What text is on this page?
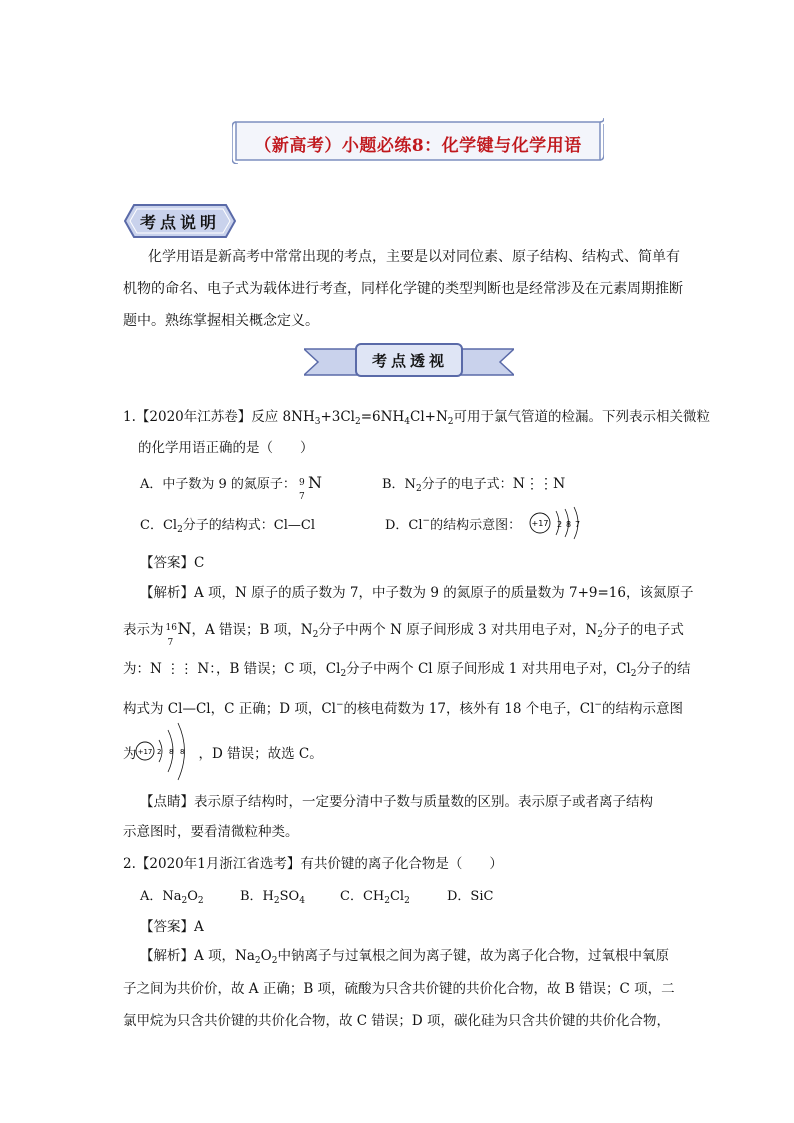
（新高考）小题必练8：化学键与化学用语
考点说明
化学用语是新高考中常常出现的考点，主要是以对同位素、原子结构、结构式、简单有
机物的命名、电子式为载体进行考查，同样化学键的类型判断也是经常涉及在元素周期推断
题中。熟练掌握相关概念定义。
考点透视
1.【2020年江苏卷】反应 $8NH_3+3Cl_2=6NH_4Cl+N_2$可用于氯气管道的检漏。下列表示相关微粒
的化学用语正确的是（　　）
A．中子数为 9 的氮原子： 9
7
N	B．$N_2$分子的电子式：N⋮⋮N
C．$Cl_2$分子的结构式：Cl—Cl	D．Cl−的结构示意图： +17 2 8 7
【答案】C
【解析】A 项，N 原子的质子数为 7，中子数为 9 的氮原子的质量数为 7+9=16，该氮原子
表示为 16
7
N，A 错误；B 项，$N_2$分子中两个 N 原子间形成 3 对共用电子对，$N_2$分子的电子式
为：N ⋮⋮ N：，B 错误；C 项，$Cl_2$分子中两个 Cl 原子间形成 1 对共用电子对，$Cl_2$分子的结
构式为 Cl—Cl，C 正确；D 项，Cl−的核电荷数为 17，核外有 18 个电子，Cl−的结构示意图
为	，D 错误；故选 C。
+17 2 8 8
【点睛】表示原子结构时，一定要分清中子数与质量数的区别。表示原子或者离子结构
示意图时，要看清微粒种类。
2.【2020年1月浙江省选考】有共价键的离子化合物是（　　）
A．$Na_2O_2$	B．$H_2SO_4$	C．$CH_2Cl_2$	D．SiC
【答案】A
【解析】A 项，$Na_2O_2$中钠离子与过氧根之间为离子键，故为离子化合物，过氧根中氧原
子之间为共价价，故 A 正确；B 项，硫酸为只含共价键的共价化合物，故 B 错误；C 项，二
氯甲烷为只含共价键的共价化合物，故 C 错误；D 项，碳化硅为只含共价键的共价化合物，
